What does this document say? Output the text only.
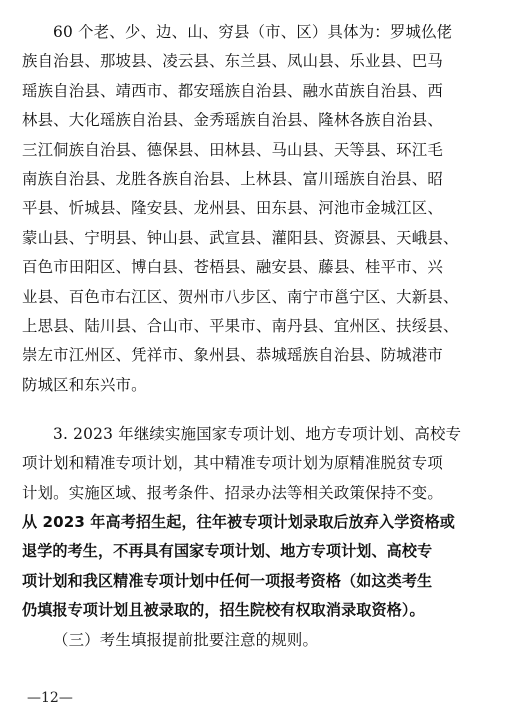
60 个老、少、边、山、穷县（市、区）具体为：罗城仫佬
族自治县、那坡县、凌云县、东兰县、凤山县、乐业县、巴马
瑶族自治县、靖西市、都安瑶族自治县、融水苗族自治县、西
林县、大化瑶族自治县、金秀瑶族自治县、隆林各族自治县、
三江侗族自治县、德保县、田林县、马山县、天等县、环江毛
南族自治县、龙胜各族自治县、上林县、富川瑶族自治县、昭
平县、忻城县、隆安县、龙州县、田东县、河池市金城江区、
蒙山县、宁明县、钟山县、武宣县、灌阳县、资源县、天峨县、
百色市田阳区、博白县、苍梧县、融安县、藤县、桂平市、兴
业县、百色市右江区、贺州市八步区、南宁市邕宁区、大新县、
上思县、陆川县、合山市、平果市、南丹县、宜州区、扶绥县、
崇左市江州区、凭祥市、象州县、恭城瑶族自治县、防城港市
防城区和东兴市。
3. 2023 年继续实施国家专项计划、地方专项计划、高校专
项计划和精准专项计划，其中精准专项计划为原精准脱贫专项
计划。实施区域、报考条件、招录办法等相关政策保持不变。
从 2023 年高考招生起，往年被专项计划录取后放弃入学资格或
退学的考生，不再具有国家专项计划、地方专项计划、高校专
项计划和我区精准专项计划中任何一项报考资格（如这类考生
仍填报专项计划且被录取的，招生院校有权取消录取资格）。
（三）考生填报提前批要注意的规则。
—12—
